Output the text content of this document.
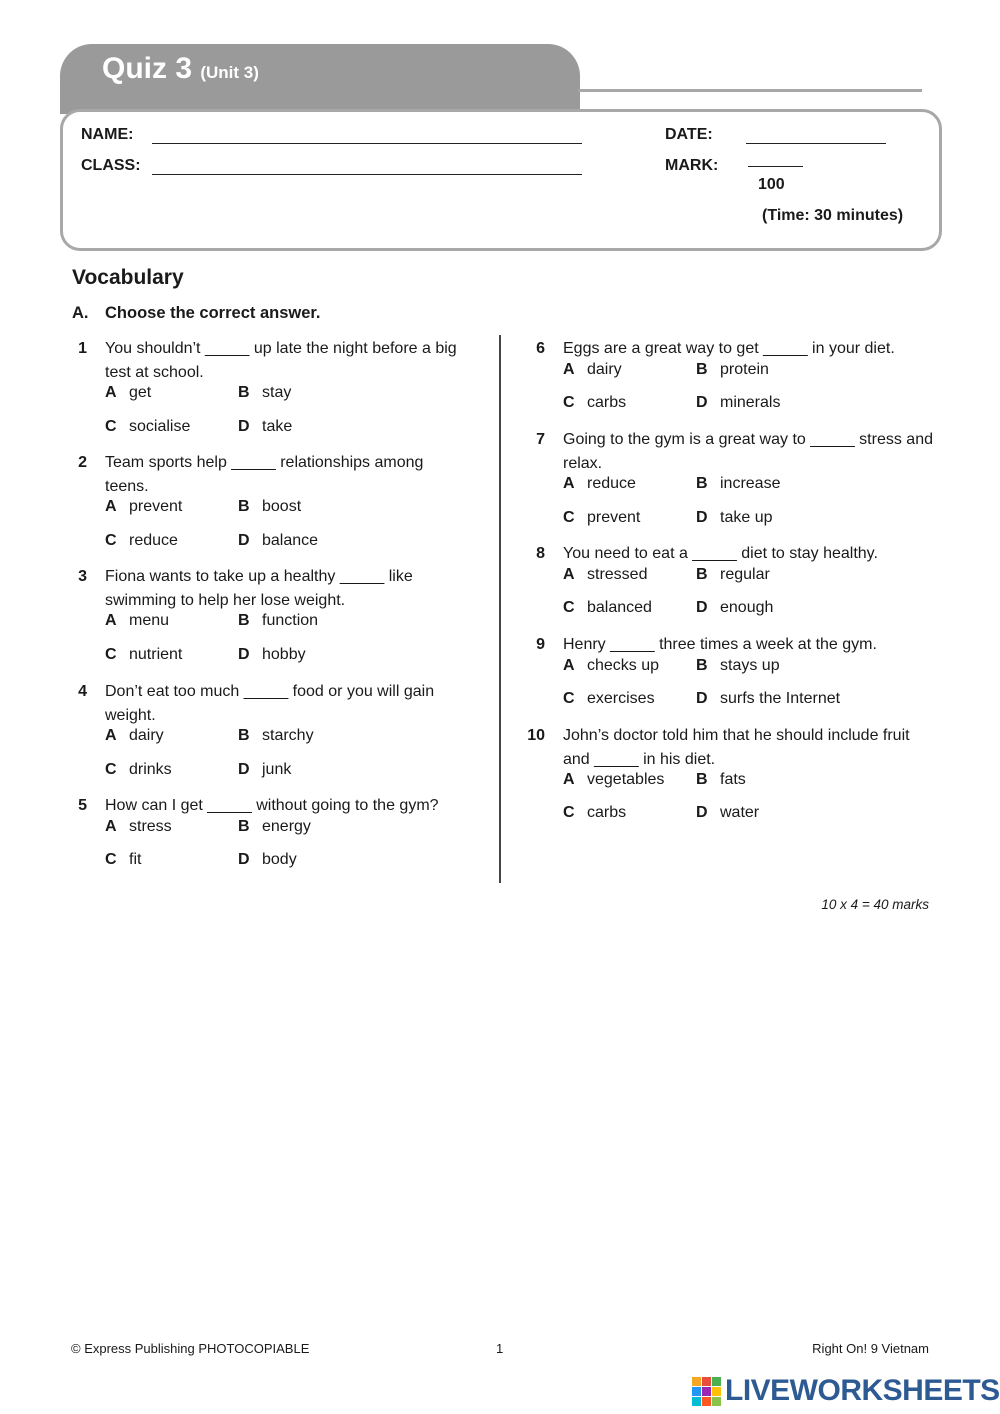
Quiz 3 (Unit 3)
NAME:
CLASS:
DATE:
MARK:
100
(Time: 30 minutes)
Vocabulary
A. Choose the correct answer.
1 You shouldn’t _____ up late the night before a big test at school.
A get	B stay
C socialise	D take
2 Team sports help _____ relationships among teens.
A prevent	B boost
C reduce	D balance
3 Fiona wants to take up a healthy _____ like swimming to help her lose weight.
A menu	B function
C nutrient	D hobby
4 Don’t eat too much _____ food or you will gain weight.
A dairy	B starchy
C drinks	D junk
5 How can I get _____ without going to the gym?
A stress	B energy
C fit	D body
6 Eggs are a great way to get _____ in your diet.
A dairy	B protein
C carbs	D minerals
7 Going to the gym is a great way to _____ stress and relax.
A reduce	B increase
C prevent	D take up
8 You need to eat a _____ diet to stay healthy.
A stressed	B regular
C balanced	D enough
9 Henry _____ three times a week at the gym.
A checks up B stays up
C exercises	D surfs the Internet
10 John’s doctor told him that he should include fruit and _____ in his diet.
A vegetables B fats
C carbs	D water
10 x 4 = 40 marks
© Express Publishing PHOTOCOPIABLE	1	Right On! 9 Vietnam
LIVEWORKSHEETS
